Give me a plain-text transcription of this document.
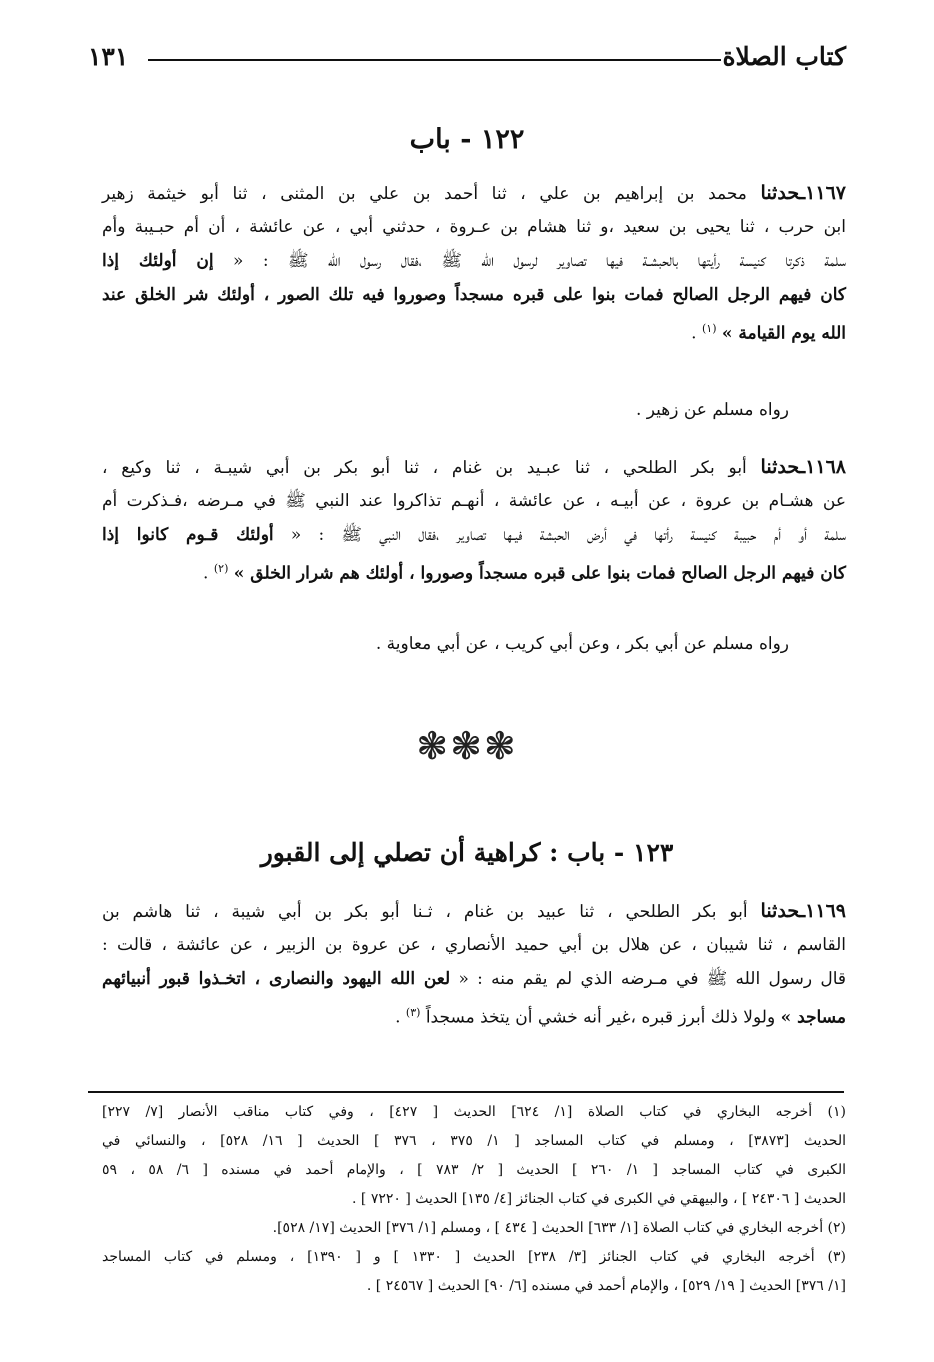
كتاب الصلاة
١٣١
١٢٢ - باب
١١٦٧ـحدثنا محمد بن إبراهيم بن علي ، ثنا أحمد بن علي بن المثنى ، ثنا أبو خيثمة زهير
ابن حرب ، ثنا يحيى بن سعيد ،و ثنا هشام بن عـروة ، حدثني أبي ، عن عائشة ، أن أم حبـيبة وأم
سلمة ذكرتا كنيسة رأيتها بالحبشـة فيها تصاوير لرسول الله ﷺ ،فقال رسول الله ﷺ : « إن أولئك إذا
كان فيهم الرجل الصالح فمات بنوا على قبره مسجداً وصوروا فيه تلك الصور ، أولئك شر الخلق عند
الله يوم القيامة » $^{(١)}$ .
رواه مسلم عن زهير .
١١٦٨ـحدثنا أبو بكر الطلحي ، ثنا عبـيد بن غنام ، ثنا أبو بكر بن أبي شيبـة ، ثنا وكيع ،
عن هشـام بن عروة ، عن أبيـه ، عن عائشة ، أنهـم تذاكروا عند النبي ﷺ في مـرضه ،فـذكرت أم
سلمة أو أم حبيبة كنيسة رأتها في أرض الحبشة فيـها تصاوير ،فقال النبي ﷺ : « أولئك قـوم كانوا إذا
كان فيهم الرجل الصالح فمات بنوا على قبره مسجداً وصوروا ، أولئك هم شرار الخلق » $^{(٢)}$ .
رواه مسلم عن أبي بكر ، وعن أبي كريب ، عن أبي معاوية .
❃❃❃
١٢٣ - باب : كراهية أن تصلي إلى القبور
١١٦٩ـحدثنا أبو بكر الطلحي ، ثنا عبيد بن غنام ، ثـنا أبو بكر بن أبي شيبة ، ثنا هاشم بن
القاسم ، ثنا شيبان ، عن هلال بن أبي حميد الأنصاري ، عن عروة بن الزبير ، عن عائشة ، قالت :
قال رسول الله ﷺ في مـرضه الذي لم يقم منه : « لعن الله اليهود والنصارى ، اتخـذوا قبور أنبيائهم
مساجد » ولولا ذلك أبرز قبره ،غير أنه خشي أن يتخذ مسجداً $^{(٣)}$ .
(١) أخرجه البخاري في كتاب الصلاة [١/ ٦٢٤] الحديث [ ٤٢٧] ، وفي كتاب مناقب الأنصار [٧/ ٢٢٧]
الحديث [٣٨٧٣] ، ومسلم في كتاب المساجد [ ١/ ٣٧٥ ، ٣٧٦ ] الحديث [ ١٦/ ٥٢٨] ، والنسائي في
الكبرى في كتاب المساجد [ ١/ ٢٦٠ ] الحديث [ ٢/ ٧٨٣ ] ، والإمام أحمد في مسنده [ ٦/ ٥٨ ، ٥٩
الحديث [ ٢٤٣٠٦ ] ، والبيهقي في الكبرى في كتاب الجنائز [٤/ ١٣٥] الحديث [ ٧٢٢٠ ] .
(٢) أخرجه البخاري في كتاب الصلاة [١/ ٦٣٣] الحديث [ ٤٣٤ ] ، ومسلم [١/ ٣٧٦] الحديث [١٧/ ٥٢٨].
(٣) أخرجه البخاري في كتاب الجنائز [٣/ ٢٣٨] الحديث [ ١٣٣٠ ] و [ ١٣٩٠] ، ومسلم في كتاب المساجد
[١/ ٣٧٦] الحديث [ ١٩/ ٥٢٩] ، والإمام أحمد في مسنده [٦/ ٩٠] الحديث [ ٢٤٥٦٧ ] .
